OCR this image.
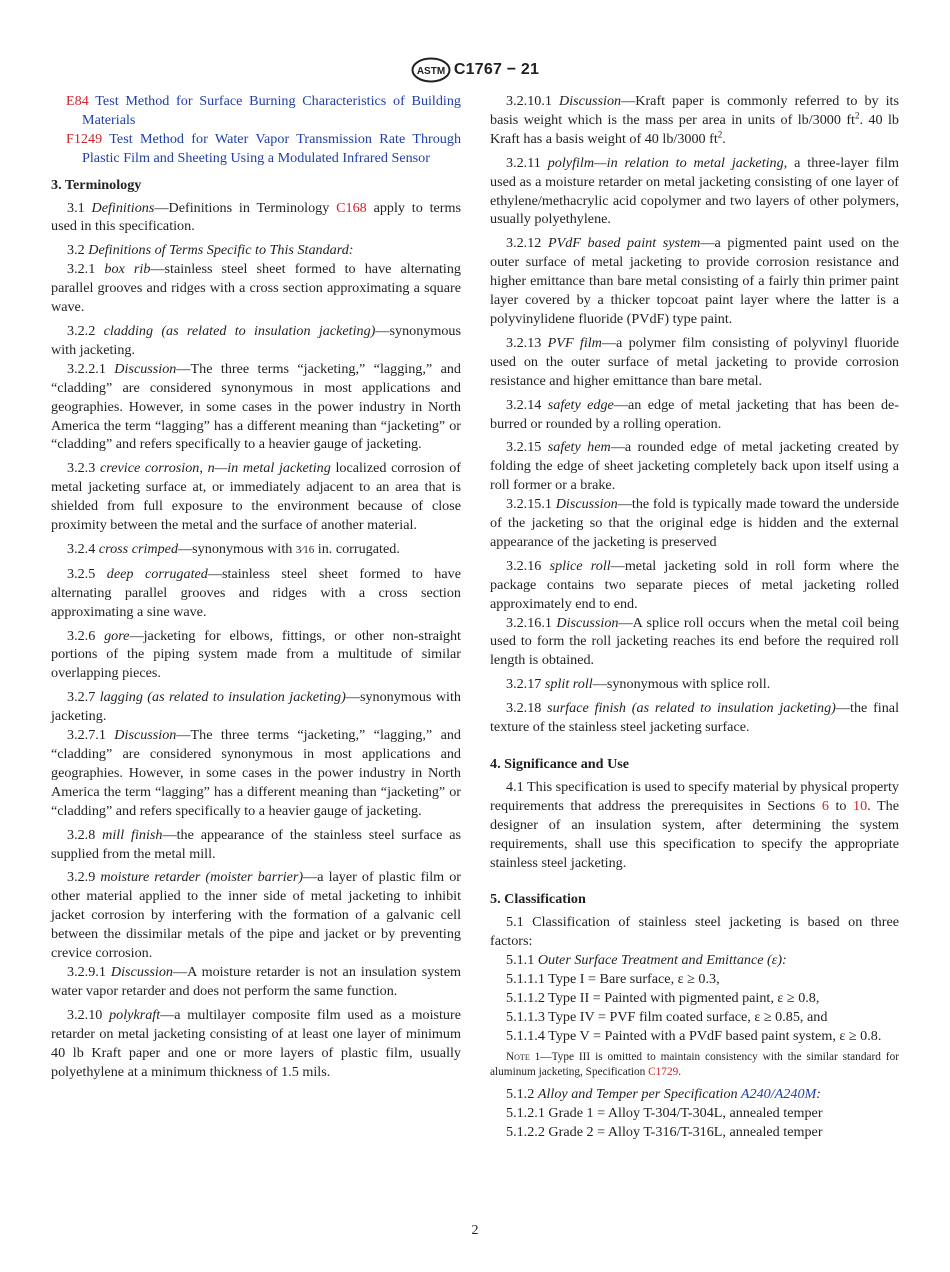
ASTM C1767 − 21

E84 Test Method for Surface Burning Characteristics of Building Materials

F1249 Test Method for Water Vapor Transmission Rate Through Plastic Film and Sheeting Using a Modulated Infrared Sensor

3. Terminology

3.1 Definitions—Definitions in Terminology C168 apply to terms used in this specification.

3.2 Definitions of Terms Specific to This Standard:

3.2.1 box rib—stainless steel sheet formed to have alternating parallel grooves and ridges with a cross section approximating a square wave.

3.2.2 cladding (as related to insulation jacketing)—synonymous with jacketing.

3.2.2.1 Discussion—The three terms “jacketing,” “lagging,” and “cladding” are considered synonymous in most applications and geographies. However, in some cases in the power industry in North America the term “lagging” has a different meaning than “jacketing” or “cladding” and refers specifically to a heavier gauge of jacketing.

3.2.3 crevice corrosion, n—in metal jacketing localized corrosion of metal jacketing surface at, or immediately adjacent to an area that is shielded from full exposure to the environment because of close proximity between the metal and the surface of another material.

3.2.4 cross crimped—synonymous with 3⁄16 in. corrugated.

3.2.5 deep corrugated—stainless steel sheet formed to have alternating parallel grooves and ridges with a cross section approximating a sine wave.

3.2.6 gore—jacketing for elbows, fittings, or other non-straight portions of the piping system made from a multitude of similar overlapping pieces.

3.2.7 lagging (as related to insulation jacketing)—synonymous with jacketing.

3.2.7.1 Discussion—The three terms “jacketing,” “lagging,” and “cladding” are considered synonymous in most applications and geographies. However, in some cases in the power industry in North America the term “lagging” has a different meaning than “jacketing” or “cladding” and refers specifically to a heavier gauge of jacketing.

3.2.8 mill finish—the appearance of the stainless steel surface as supplied from the metal mill.

3.2.9 moisture retarder (moister barrier)—a layer of plastic film or other material applied to the inner side of metal jacketing to inhibit jacket corrosion by interfering with the formation of a galvanic cell between the dissimilar metals of the pipe and jacket or by preventing crevice corrosion.

3.2.9.1 Discussion—A moisture retarder is not an insulation system water vapor retarder and does not perform the same function.

3.2.10 polykraft—a multilayer composite film used as a moisture retarder on metal jacketing consisting of at least one layer of minimum 40 lb Kraft paper and one or more layers of plastic film, usually polyethylene at a minimum thickness of 1.5 mils.

3.2.10.1 Discussion—Kraft paper is commonly referred to by its basis weight which is the mass per area in units of lb/3000 $ft^2$. 40 lb Kraft has a basis weight of 40 lb/3000 $ft^2$.

3.2.11 polyfilm—in relation to metal jacketing, a three-layer film used as a moisture retarder on metal jacketing consisting of one layer of ethylene/methacrylic acid copolymer and two layers of other polymers, usually polyethylene.

3.2.12 PVdF based paint system—a pigmented paint used on the outer surface of metal jacketing to provide corrosion resistance and higher emittance than bare metal consisting of a fairly thin primer paint layer covered by a thicker topcoat paint layer where the latter is a polyvinylidene fluoride (PVdF) type paint.

3.2.13 PVF film—a polymer film consisting of polyvinyl fluoride used on the outer surface of metal jacketing to provide corrosion resistance and higher emittance than bare metal.

3.2.14 safety edge—an edge of metal jacketing that has been de-burred or rounded by a rolling operation.

3.2.15 safety hem—a rounded edge of metal jacketing created by folding the edge of sheet jacketing completely back upon itself using a roll former or a brake.

3.2.15.1 Discussion—the fold is typically made toward the underside of the jacketing so that the original edge is hidden and the external appearance of the jacketing is preserved

3.2.16 splice roll—metal jacketing sold in roll form where the package contains two separate pieces of metal jacketing rolled approximately end to end.

3.2.16.1 Discussion—A splice roll occurs when the metal coil being used to form the roll jacketing reaches its end before the required roll length is obtained.

3.2.17 split roll—synonymous with splice roll.

3.2.18 surface finish (as related to insulation jacketing)—the final texture of the stainless steel jacketing surface.

4. Significance and Use

4.1 This specification is used to specify material by physical property requirements that address the prerequisites in Sections 6 to 10. The designer of an insulation system, after determining the system requirements, shall use this specification to specify the appropriate stainless steel jacketing.

5. Classification

5.1 Classification of stainless steel jacketing is based on three factors:

5.1.1 Outer Surface Treatment and Emittance (ε):

5.1.1.1 Type I = Bare surface, ε ≥ 0.3,

5.1.1.2 Type II = Painted with pigmented paint, ε ≥ 0.8,

5.1.1.3 Type IV = PVF film coated surface, ε ≥ 0.85, and

5.1.1.4 Type V = Painted with a PVdF based paint system, ε ≥ 0.8.

Note 1—Type III is omitted to maintain consistency with the similar standard for aluminum jacketing, Specification C1729.

5.1.2 Alloy and Temper per Specification A240/A240M:

5.1.2.1 Grade 1 = Alloy T-304/T-304L, annealed temper

5.1.2.2 Grade 2 = Alloy T-316/T-316L, annealed temper

2
